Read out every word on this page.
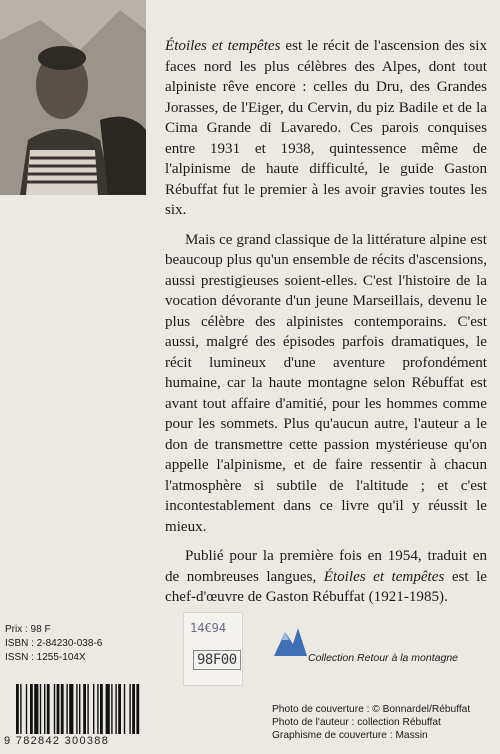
Étoiles et tempêtes est le récit de l'ascension des six faces nord les plus célèbres des Alpes, dont tout alpiniste rêve encore : celles du Dru, des Grandes Jorasses, de l'Eiger, du Cervin, du piz Badile et de la Cima Grande di Lavaredo. Ces parois conquises entre 1931 et 1938, quintessence même de l'alpinisme de haute difficulté, le guide Gaston Rébuffat fut le premier à les avoir gravies toutes les six.

Mais ce grand classique de la littérature alpine est beaucoup plus qu'un ensemble de récits d'ascensions, aussi prestigieuses soient-elles. C'est l'histoire de la vocation dévorante d'un jeune Marseillais, devenu le plus célèbre des alpinistes contemporains. C'est aussi, malgré des épisodes parfois dramatiques, le récit lumineux d'une aventure profondément humaine, car la haute montagne selon Rébuffat est avant tout affaire d'amitié, pour les hommes comme pour les sommets. Plus qu'aucun autre, l'auteur a le don de transmettre cette passion mystérieuse qu'on appelle l'alpinisme, et de faire ressentir à chacun l'atmosphère si subtile de l'altitude ; et c'est incontestablement dans ce livre qu'il y réussit le mieux.

Publié pour la première fois en 1954, traduit en de nombreuses langues, Étoiles et tempêtes est le chef-d'œuvre de Gaston Rébuffat (1921-1985).

Prix : 98 F
ISBN : 2-84230-038-6
ISSN : 1255-104X
14€94
98F00
9 782842 300388
Collection Retour à la montagne
Photo de couverture : © Bonnardel/Rébuffat
Photo de l'auteur : collection Rébuffat
Graphisme de couverture : Massin
